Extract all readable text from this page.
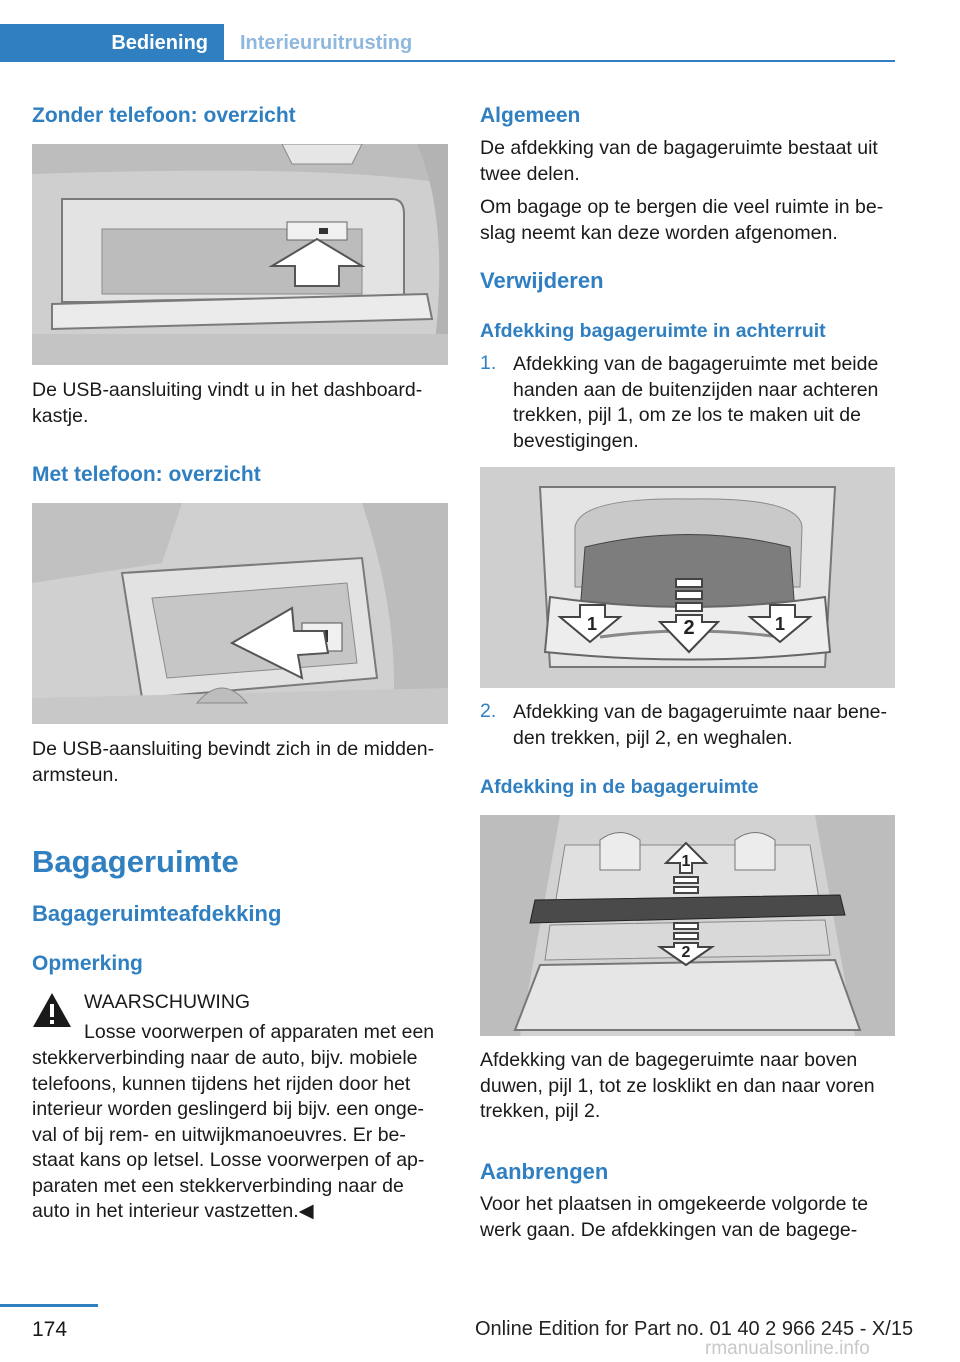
Bediening	Interieuruitrusting
Zonder telefoon: overzicht

De USB-aansluiting vindt u in het dashboard-
kastje.

Met telefoon: overzicht

De USB-aansluiting bevindt zich in de midden-
armsteun.

Bagageruimte
Bagageruimteafdekking
Opmerking

WAARSCHUWING

Losse voorwerpen of apparaten met een

stekkerverbinding naar de auto, bijv. mobiele
telefoons, kunnen tijdens het rijden door het
interieur worden geslingerd bij bijv. een onge-
val of bij rem- en uitwijkmanoeuvres. Er be-
staat kans op letsel. Losse voorwerpen of ap-
paraten met een stekkerverbinding naar de
auto in het interieur vastzetten.◀

Algemeen

De afdekking van de bagageruimte bestaat uit
twee delen.

Om bagage op te bergen die veel ruimte in be-
slag neemt kan deze worden afgenomen.

Verwijderen
Afdekking bagageruimte in achterruit
1. Afdekking van de bagageruimte met beide
handen aan de buitenzijden naar achteren
trekken, pijl 1, om ze los te maken uit de
bevestigingen.

1	2	1
2. Afdekking van de bagageruimte naar bene-
den trekken, pijl 2, en weghalen.

Afdekking in de bagageruimte
1
2

Afdekking van de bagegeruimte naar boven
duwen, pijl 1, tot ze losklikt en dan naar voren
trekken, pijl 2.

Aanbrengen

Voor het plaatsen in omgekeerde volgorde te
werk gaan. De afdekkingen van de bagege-

174	Online Edition for Part no. 01 40 2 966 245 - X/15
rmanualsonline.info
